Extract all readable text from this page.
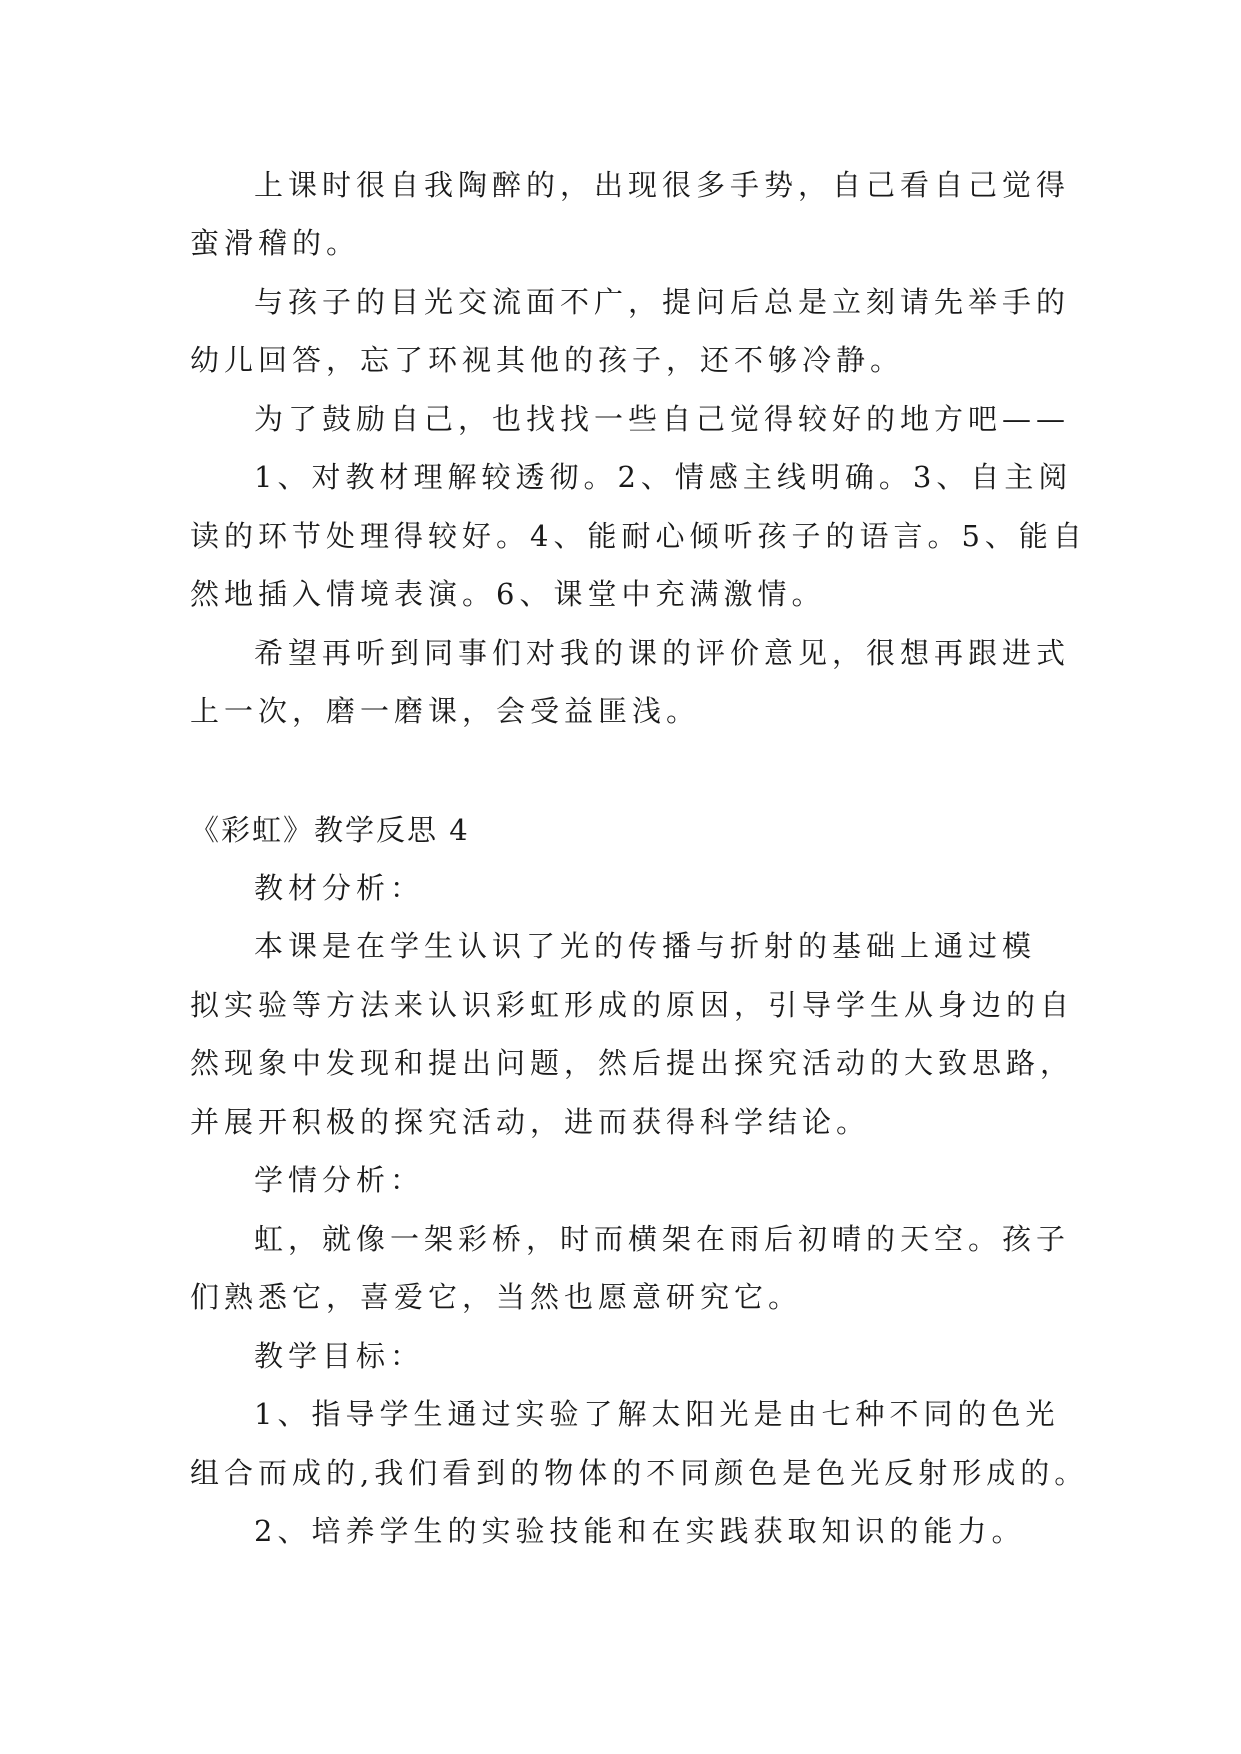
上课时很自我陶醉的，出现很多手势，自己看自己觉得
蛮滑稽的。
与孩子的目光交流面不广，提问后总是立刻请先举手的
幼儿回答，忘了环视其他的孩子，还不够冷静。
为了鼓励自己，也找找一些自己觉得较好的地方吧——
1、对教材理解较透彻。2、情感主线明确。3、自主阅
读的环节处理得较好。4、能耐心倾听孩子的语言。5、能自
然地插入情境表演。6、课堂中充满激情。
希望再听到同事们对我的课的评价意见，很想再跟进式
上一次，磨一磨课，会受益匪浅。
《彩虹》教学反思 4
教材分析：
本课是在学生认识了光的传播与折射的基础上通过模
拟实验等方法来认识彩虹形成的原因，引导学生从身边的自
然现象中发现和提出问题，然后提出探究活动的大致思路，
并展开积极的探究活动，进而获得科学结论。
学情分析：
虹，就像一架彩桥，时而横架在雨后初晴的天空。孩子
们熟悉它，喜爱它，当然也愿意研究它。
教学目标：
1、指导学生通过实验了解太阳光是由七种不同的色光
组合而成的,我们看到的物体的不同颜色是色光反射形成的。
2、培养学生的实验技能和在实践获取知识的能力。
